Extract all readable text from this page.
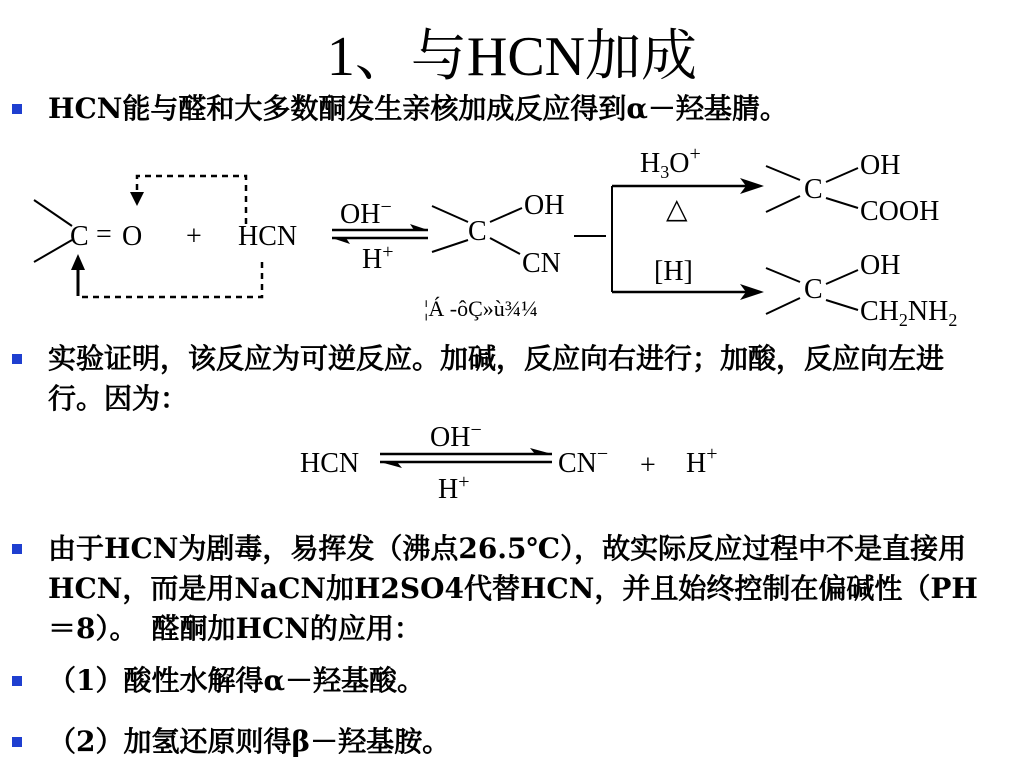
1、与HCN加成
HCN能与醛和大多数酮发生亲核加成反应得到α－羟基腈。
C = O + HCN
OH−
H+
C
OH
CN
¦Á -ôÇ»ù¾¼
$H_3O^+$
△
[H]
C
OH
COOH
C
OH
$CH_2NH_2$
实验证明，该反应为可逆反应。加碱，反应向右进行；加酸，反应向左进行。因为：
HCN
OH−
H+
CN− + H+
由于HCN为剧毒，易挥发（沸点26.5℃），故实际反应过程中不是直接用HCN，而是用NaCN加H2SO4代替HCN，并且始终控制在偏碱性（PH＝8）。　醛酮加HCN的应用：
（1）酸性水解得α－羟基酸。
（2）加氢还原则得β－羟基胺。
